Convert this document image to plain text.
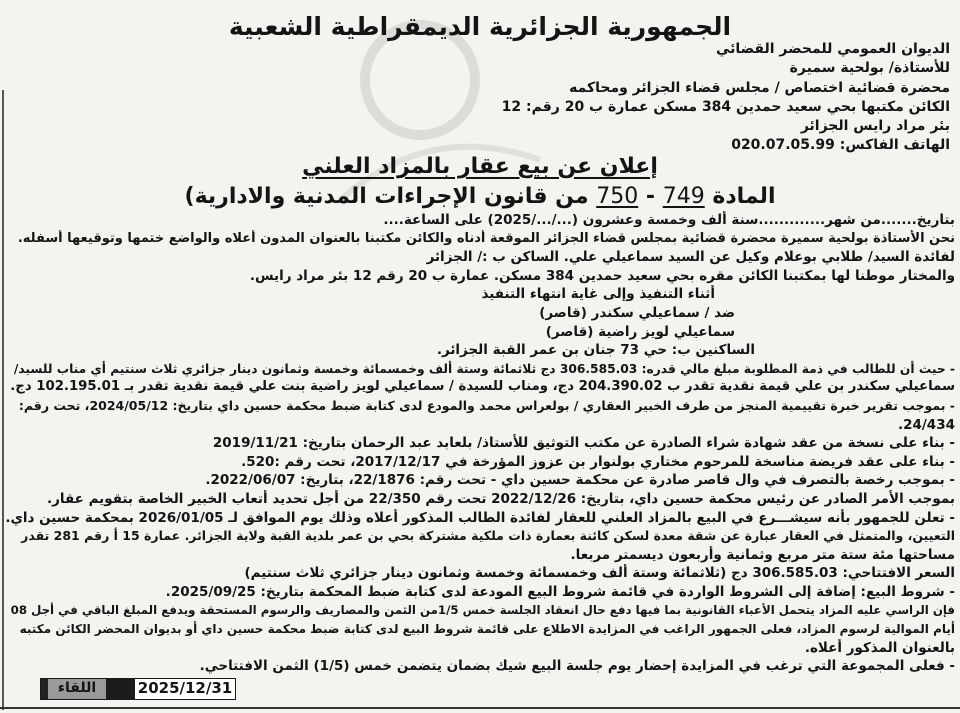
الجمهورية الجزائرية الديمقراطية الشعبية
الديوان العمومي للمحضر القضائي
للأستاذة/ بولحية سميرة
محضرة قضائية اختصاص / مجلس قضاء الجزائر ومحاكمه
الكائن مكتبها بحي سعيد حمدين 384 مسكن عمارة ب 20 رقم: 12
بئر مراد رايس الجزائر
الهاتف الفاكس: 020.07.05.99
إعلان عن بيع عقار بالمزاد العلني
المادة 749 - 750 من قانون الإجراءات المدنية والادارية)
بتاريخ.......من شهر.............سنة ألف وخمسة وعشرون (.../.../2025) على الساعة....
نحن الأستاذة بولحية سميرة محضرة قضائية بمجلس قضاء الجزائر الموقعة أدناه والكائن مكتبنا بالعنوان المدون أعلاه والواضع ختمها وتوقيعها أسفله.
لفائدة السيد/ طلابي بوعلام وكيل عن السيد سماعيلي علي. الساكن ب :/ الجزائر
والمختار موطنا لها بمكتبنا الكائن مقره بحي سعيد حمدين 384 مسكن. عمارة ب 20 رقم 12 بئر مراد رايس.
أثناء التنفيذ وإلى غاية انتهاء التنفيذ
ضد / سماعيلي سكندر (قاصر)
سماعيلي لويز راضية (قاصر)
الساكنين ب: حي 73 جنان بن عمر القبة الجزائر.
- حيث أن للطالب في ذمة المطلوبة مبلغ مالي قدره: 306.585.03 دج ثلاثمائة وستة ألف وخمسمائة وخمسة وثمانون دينار جزائري ثلاث سنتيم أي مناب للسيد/
سماعيلي سكندر بن علي قيمة نقدية تقدر ب 204.390.02 دج، ومناب للسيدة / سماعيلي لويز راضية بنت علي قيمة نقدية تقدر بـ 102.195.01 دج.
- بموجب تقرير خبرة تقييمية المنجز من طرف الخبير العقاري / بولعراس محمد والمودع لدى كتابة ضبط محكمة حسين داي بتاريخ: 2024/05/12، تحت رقم:
24/434.
- بناء على نسخة من عقد شهادة شراء الصادرة عن مكتب التوثيق للأستاذ/ بلعابد عبد الرحمان بتاريخ: 2019/11/21
- بناء على عقد فريضة مناسخة للمرحوم مختاري بولنوار بن عزوز المؤرخة في 2017/12/17، تحت رقم :520.
- بموجب رخصة بالتصرف في وال قاصر صادرة عن محكمة حسين داي - تحت رقم: 22/1876، بتاريخ: 2022/06/07.
بموجب الأمر الصادر عن رئيس محكمة حسين داي، بتاريخ: 2022/12/26 تحت رقم 22/350 من أجل تحديد أتعاب الخبير الخاصة بتقويم عقار.
- تعلن للجمهور بأنه سيشـــرع في البيع بالمزاد العلني للعقار لفائدة الطالب المذكور أعلاه وذلك يوم الموافق لـ 2026/01/05 بمحكمة حسين داي.
التعيين، والمتمثل في العقار عبارة عن شقة معدة لسكن كائنة بعمارة ذات ملكية مشتركة بحي بن عمر بلدية القبة ولاية الجزائر. عمارة 15 أ رقم 281 تقدر
مساحتها مئة ستة متر مربع وثمانية وأربعون ديسمتر مربعا.
السعر الافتتاحي: 306.585.03 دج (ثلاثمائة وستة ألف وخمسمائة وخمسة وثمانون دينار جزائري ثلاث سنتيم)
- شروط البيع: إضافة إلى الشروط الواردة في قائمة شروط البيع المودعة لدى كتابة ضبط المحكمة بتاريخ: 2025/09/25.
فإن الراسي عليه المزاد يتحمل الأعباء القانونية بما فيها دفع حال انعقاد الجلسة خمس 1/5من الثمن والمصاريف والرسوم المستحقة ويدفع المبلغ الباقي في أجل 08
أيام الموالية لرسوم المزاد، فعلى الجمهور الراغب في المزايدة الاطلاع على قائمة شروط البيع لدى كتابة ضبط محكمة حسين داي أو بديوان المحضر الكائن مكتبه
بالعنوان المذكور أعلاه.
- فعلى المجموعة التي ترغب في المزايدة إحضار يوم جلسة البيع شيك بضمان يتضمن خمس (1/5) الثمن الافتتاحي.
اللقاء	2025/12/31
